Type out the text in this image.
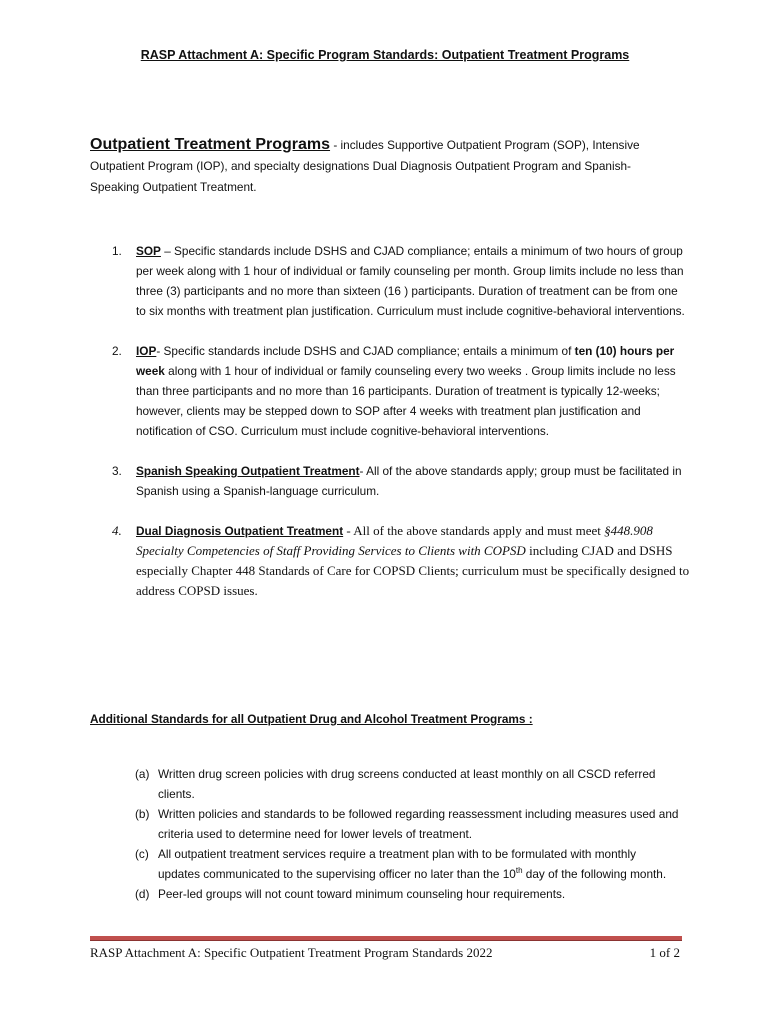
RASP Attachment A: Specific Program Standards: Outpatient Treatment Programs
Outpatient Treatment Programs - includes Supportive Outpatient Program (SOP), Intensive Outpatient Program (IOP), and specialty designations Dual Diagnosis Outpatient Program and Spanish-Speaking Outpatient Treatment.
1. SOP – Specific standards include DSHS and CJAD compliance; entails a minimum of two hours of group per week along with 1 hour of individual or family counseling per month. Group limits include no less than three (3) participants and no more than sixteen (16 ) participants. Duration of treatment can be from one to six months with treatment plan justification. Curriculum must include cognitive-behavioral interventions.
2. IOP- Specific standards include DSHS and CJAD compliance; entails a minimum of ten (10) hours per week along with 1 hour of individual or family counseling every two weeks . Group limits include no less than three participants and no more than 16 participants. Duration of treatment is typically 12-weeks; however, clients may be stepped down to SOP after 4 weeks with treatment plan justification and notification of CSO. Curriculum must include cognitive-behavioral interventions.
3. Spanish Speaking Outpatient Treatment- All of the above standards apply; group must be facilitated in Spanish using a Spanish-language curriculum.
4. Dual Diagnosis Outpatient Treatment - All of the above standards apply and must meet §448.908 Specialty Competencies of Staff Providing Services to Clients with COPSD including CJAD and DSHS especially Chapter 448 Standards of Care for COPSD Clients; curriculum must be specifically designed to address COPSD issues.
Additional Standards for all Outpatient Drug and Alcohol Treatment Programs :
(a) Written drug screen policies with drug screens conducted at least monthly on all CSCD referred clients.
(b) Written policies and standards to be followed regarding reassessment including measures used and criteria used to determine need for lower levels of treatment.
(c) All outpatient treatment services require a treatment plan with to be formulated with monthly updates communicated to the supervising officer no later than the 10th day of the following month.
(d) Peer-led groups will not count toward minimum counseling hour requirements.
RASP Attachment A: Specific Outpatient Treatment Program Standards 2022	1 of 2
